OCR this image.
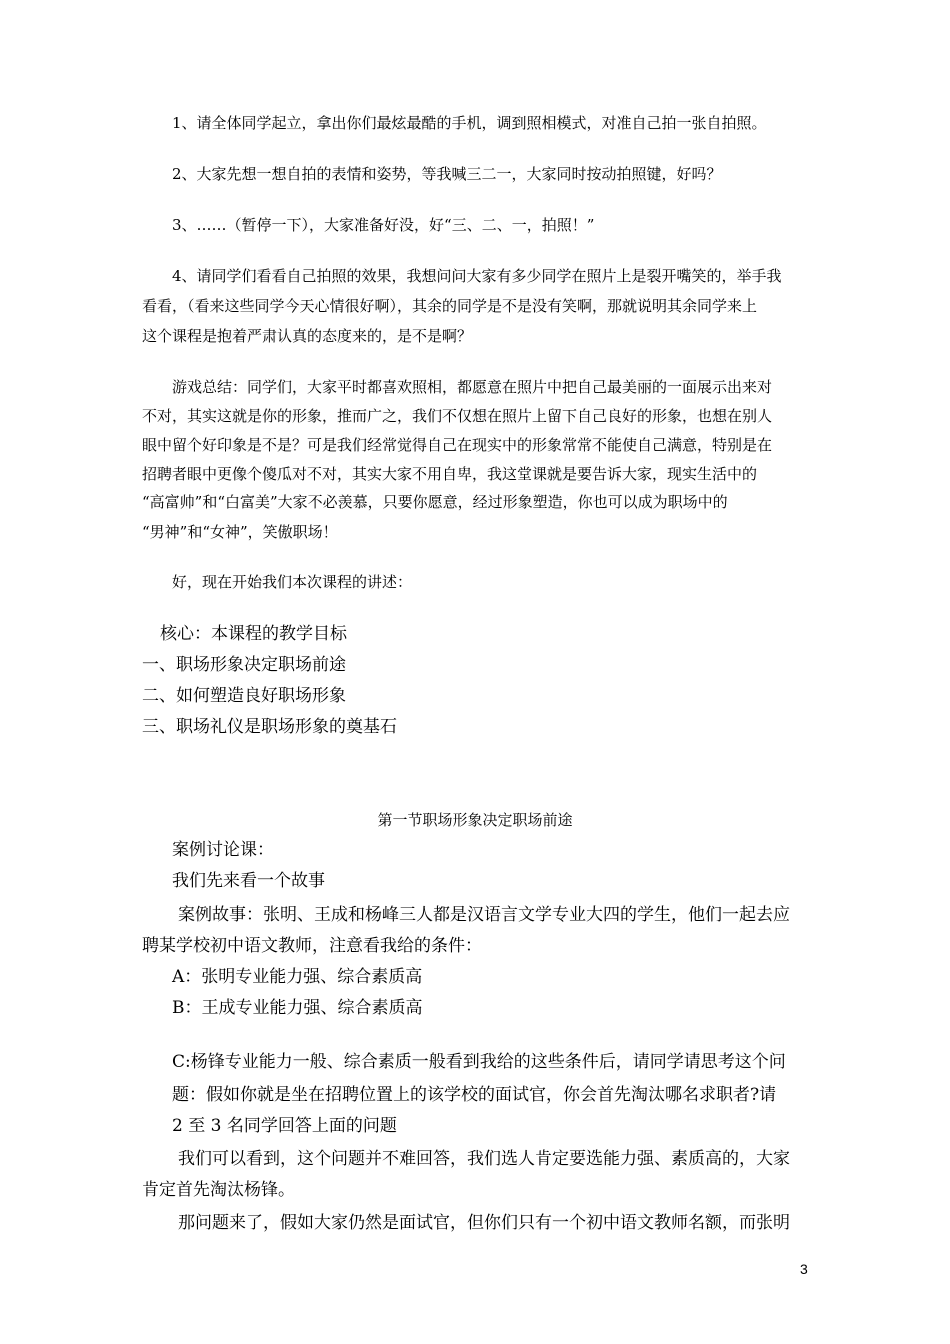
1、请全体同学起立，拿出你们最炫最酷的手机，调到照相模式，对准自己拍一张自拍照。

2、大家先想一想自拍的表情和姿势，等我喊三二一，大家同时按动拍照键，好吗？

3、……（暂停一下），大家准备好没，好“三、二、一，拍照！”

4、请同学们看看自己拍照的效果，我想问问大家有多少同学在照片上是裂开嘴笑的，举手我

看看，（看来这些同学今天心情很好啊），其余的同学是不是没有笑啊，那就说明其余同学来上

这个课程是抱着严肃认真的态度来的，是不是啊？

游戏总结：同学们，大家平时都喜欢照相，都愿意在照片中把自己最美丽的一面展示出来对

不对，其实这就是你的形象，推而广之，我们不仅想在照片上留下自己良好的形象，也想在别人

眼中留个好印象是不是？可是我们经常觉得自己在现实中的形象常常不能使自己满意，特别是在

招聘者眼中更像个傻瓜对不对，其实大家不用自卑，我这堂课就是要告诉大家，现实生活中的

“高富帅”和“白富美”大家不必羡慕，只要你愿意，经过形象塑造，你也可以成为职场中的

“男神”和“女神”，笑傲职场！

好，现在开始我们本次课程的讲述：

核心：本课程的教学目标

一、职场形象决定职场前途

二、如何塑造良好职场形象

三、职场礼仪是职场形象的奠基石

第一节职场形象决定职场前途

案例讨论课：

我们先来看一个故事

案例故事：张明、王成和杨峰三人都是汉语言文学专业大四的学生，他们一起去应

聘某学校初中语文教师，注意看我给的条件：

A：张明专业能力强、综合素质高

B：王成专业能力强、综合素质高

C:杨锋专业能力一般、综合素质一般看到我给的这些条件后，请同学请思考这个问

题：假如你就是坐在招聘位置上的该学校的面试官，你会首先淘汰哪名求职者?请

2 至 3 名同学回答上面的问题

我们可以看到，这个问题并不难回答，我们选人肯定要选能力强、素质高的，大家

肯定首先淘汰杨锋。

那问题来了，假如大家仍然是面试官，但你们只有一个初中语文教师名额，而张明

3
